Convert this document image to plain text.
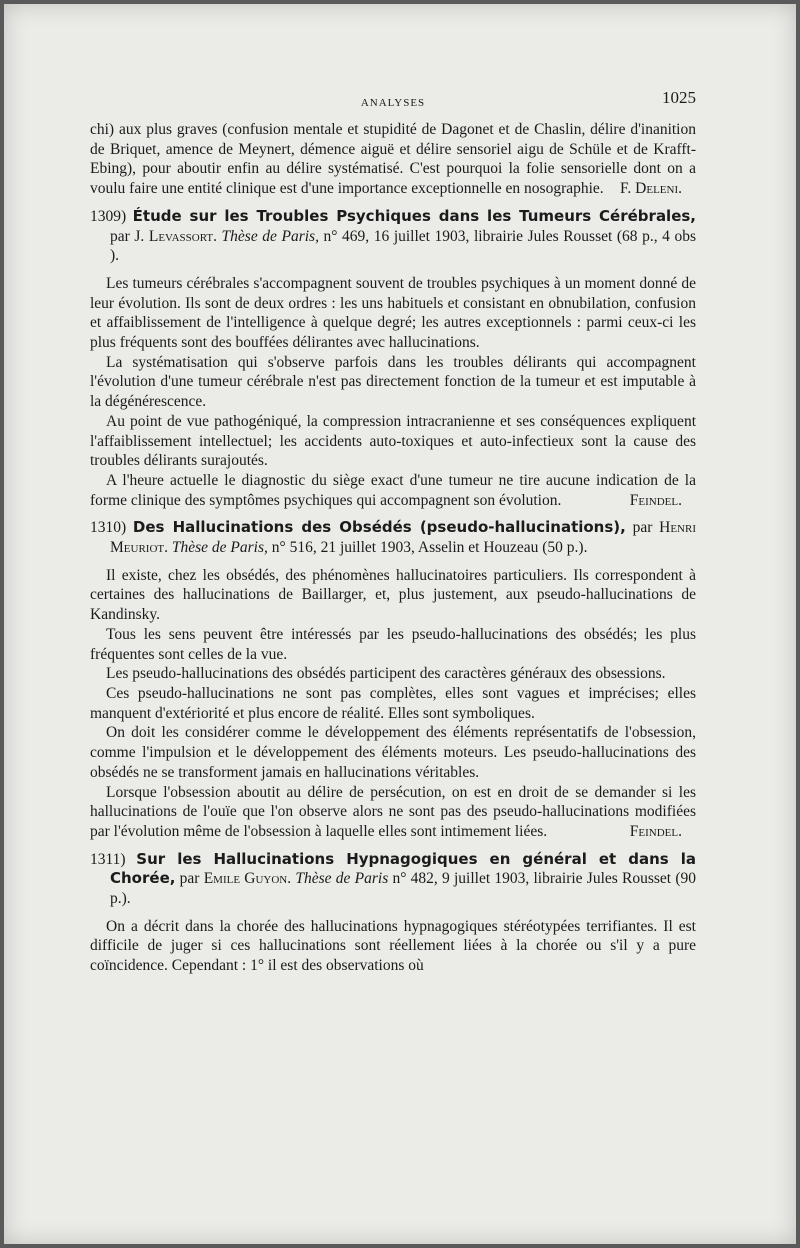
ANALYSES	1025

chi) aux plus graves (confusion mentale et stupidité de Dagonet et de Chaslin, délire d'inanition de Briquet, amence de Meynert, démence aiguë et délire sensoriel aigu de Schüle et de Krafft-Ebing), pour aboutir enfin au délire systématisé. C'est pourquoi la folie sensorielle dont on a voulu faire une entité clinique est d'une importance exceptionnelle en nosographie. F. Deleni.

1309) Étude sur les Troubles Psychiques dans les Tumeurs Cérébrales, par J. Levassort. Thèse de Paris, n° 469, 16 juillet 1903, librairie Jules Rousset (68 p., 4 obs ).

Les tumeurs cérébrales s'accompagnent souvent de troubles psychiques à un moment donné de leur évolution. Ils sont de deux ordres : les uns habituels et consistant en obnubilation, confusion et affaiblissement de l'intelligence à quelque degré; les autres exceptionnels : parmi ceux-ci les plus fréquents sont des bouffées délirantes avec hallucinations.

La systématisation qui s'observe parfois dans les troubles délirants qui accompagnent l'évolution d'une tumeur cérébrale n'est pas directement fonction de la tumeur et est imputable à la dégénérescence.

Au point de vue pathogéniqué, la compression intracranienne et ses conséquences expliquent l'affaiblissement intellectuel; les accidents auto-toxiques et auto-infectieux sont la cause des troubles délirants surajoutés.

A l'heure actuelle le diagnostic du siège exact d'une tumeur ne tire aucune indication de la forme clinique des symptômes psychiques qui accompagnent son évolution.	Feindel.

1310) Des Hallucinations des Obsédés (pseudo-hallucinations), par Henri Meuriot. Thèse de Paris, n° 516, 21 juillet 1903, Asselin et Houzeau (50 p.).

Il existe, chez les obsédés, des phénomènes hallucinatoires particuliers. Ils correspondent à certaines des hallucinations de Baillarger, et, plus justement, aux pseudo-hallucinations de Kandinsky.

Tous les sens peuvent être intéressés par les pseudo-hallucinations des obsédés; les plus fréquentes sont celles de la vue.

Les pseudo-hallucinations des obsédés participent des caractères généraux des obsessions.

Ces pseudo-hallucinations ne sont pas complètes, elles sont vagues et imprécises; elles manquent d'extériorité et plus encore de réalité. Elles sont symboliques.

On doit les considérer comme le développement des éléments représentatifs de l'obsession, comme l'impulsion et le développement des éléments moteurs. Les pseudo-hallucinations des obsédés ne se transforment jamais en hallucinations véritables.

Lorsque l'obsession aboutit au délire de persécution, on est en droit de se demander si les hallucinations de l'ouïe que l'on observe alors ne sont pas des pseudo-hallucinations modifiées par l'évolution même de l'obsession à laquelle elles sont intimement liées.	Feindel.

1311) Sur les Hallucinations Hypnagogiques en général et dans la Chorée, par Emile Guyon. Thèse de Paris n° 482, 9 juillet 1903, librairie Jules Rousset (90 p.).

On a décrit dans la chorée des hallucinations hypnagogiques stéréotypées terrifiantes. Il est difficile de juger si ces hallucinations sont réellement liées à la chorée ou s'il y a pure coïncidence. Cependant : 1° il est des observations où
